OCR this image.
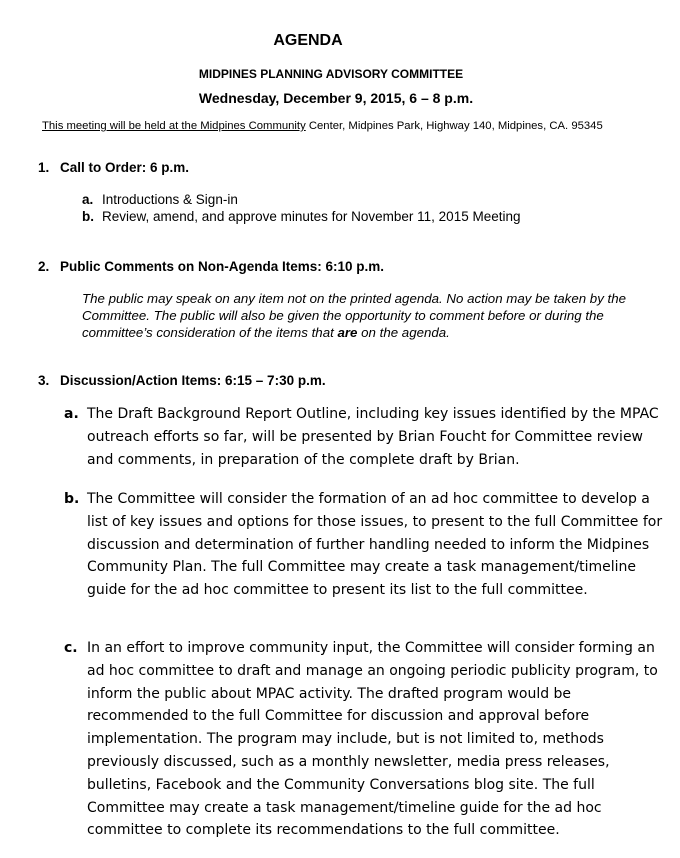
AGENDA
MIDPINES PLANNING ADVISORY COMMITTEE
Wednesday, December 9, 2015, 6 – 8 p.m.
This meeting will be held at the Midpines Community Center, Midpines Park, Highway 140, Midpines, CA. 95345
1. Call to Order: 6 p.m.
a. Introductions & Sign-in
b. Review, amend, and approve minutes for November 11, 2015 Meeting
2. Public Comments on Non-Agenda Items: 6:10 p.m.
The public may speak on any item not on the printed agenda. No action may be taken by the Committee. The public will also be given the opportunity to comment before or during the committee’s consideration of the items that are on the agenda.
3. Discussion/Action Items: 6:15 – 7:30 p.m.
a. The Draft Background Report Outline, including key issues identified by the MPAC outreach efforts so far, will be presented by Brian Foucht for Committee review and comments, in preparation of the complete draft by Brian.
b. The Committee will consider the formation of an ad hoc committee to develop a list of key issues and options for those issues, to present to the full Committee for discussion and determination of further handling needed to inform the Midpines Community Plan. The full Committee may create a task management/timeline guide for the ad hoc committee to present its list to the full committee.
c. In an effort to improve community input, the Committee will consider forming an ad hoc committee to draft and manage an ongoing periodic publicity program, to inform the public about MPAC activity. The drafted program would be recommended to the full Committee for discussion and approval before implementation. The program may include, but is not limited to, methods previously discussed, such as a monthly newsletter, media press releases, bulletins, Facebook and the Community Conversations blog site. The full Committee may create a task management/timeline guide for the ad hoc committee to complete its recommendations to the full committee.
